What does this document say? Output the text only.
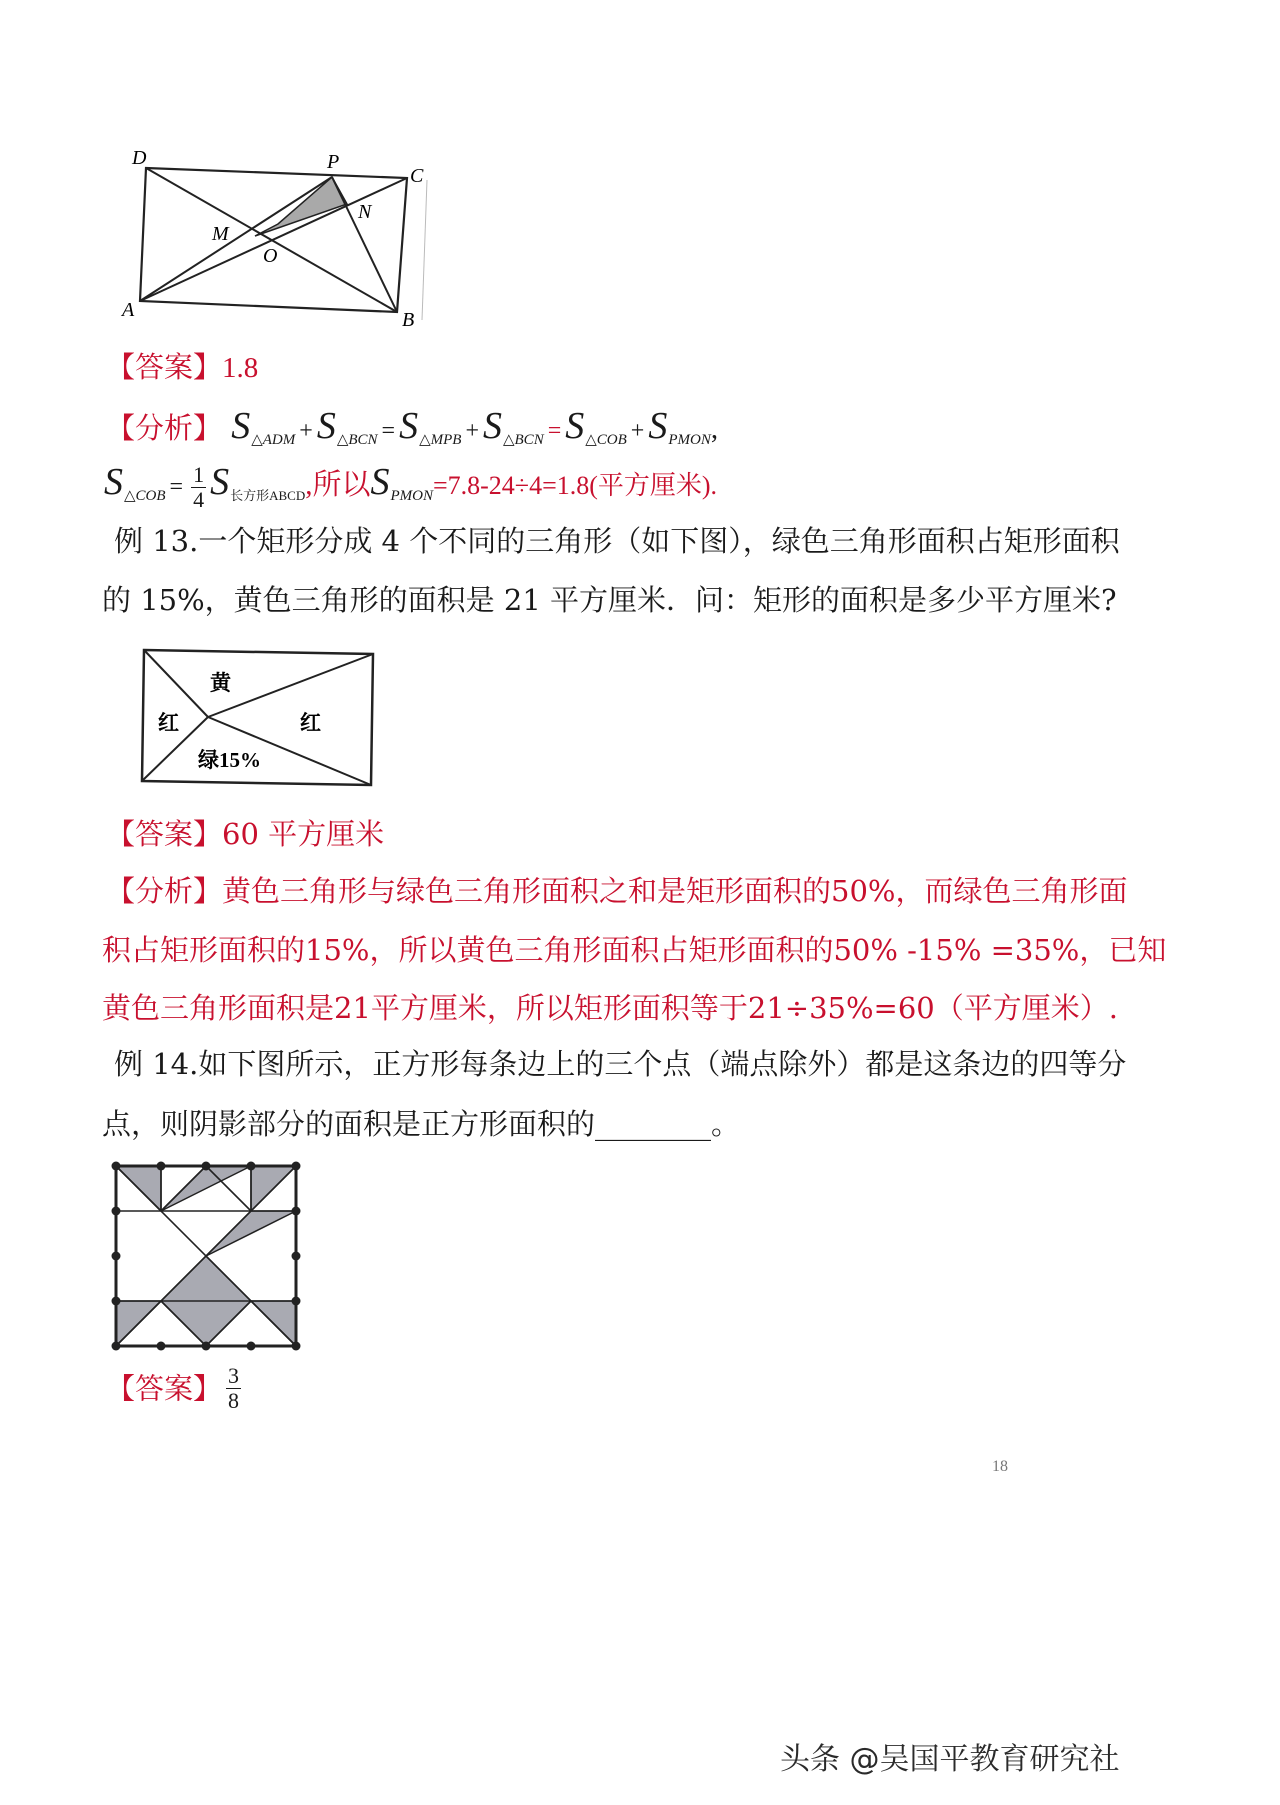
D	P
C
M
N
O
A	B
【答案】1.8
【分析】 $S_{\triangle ADM} + S_{\triangle BCN} = S_{\triangle MPB} + S_{\triangle BCN} = S_{\triangle COB} + S_{PMON}$,
$S_{\triangle COB} = \frac{1}{4} S_{长方形ABCD}$,所以$S_{PMON}=7.8-24\div 4=1.8$(平方厘米).
例 13.一个矩形分成 4 个不同的三角形（如下图），绿色三角形面积占矩形面积
的 15%，黄色三角形的面积是 21 平方厘米．问：矩形的面积是多少平方厘米?
黄
红	红
绿15%
【答案】60 平方厘米
【分析】黄色三角形与绿色三角形面积之和是矩形面积的50%，而绿色三角形面
积占矩形面积的15%，所以黄色三角形面积占矩形面积的50% -15% =35%，已知
黄色三角形面积是21平方厘米，所以矩形面积等于21÷35%=60（平方厘米）.
例 14.如下图所示，正方形每条边上的三个点（端点除外）都是这条边的四等分
点，则阴影部分的面积是正方形面积的________。
【答案】 $\frac{3}{8}$
18
头条 @吴国平教育研究社
